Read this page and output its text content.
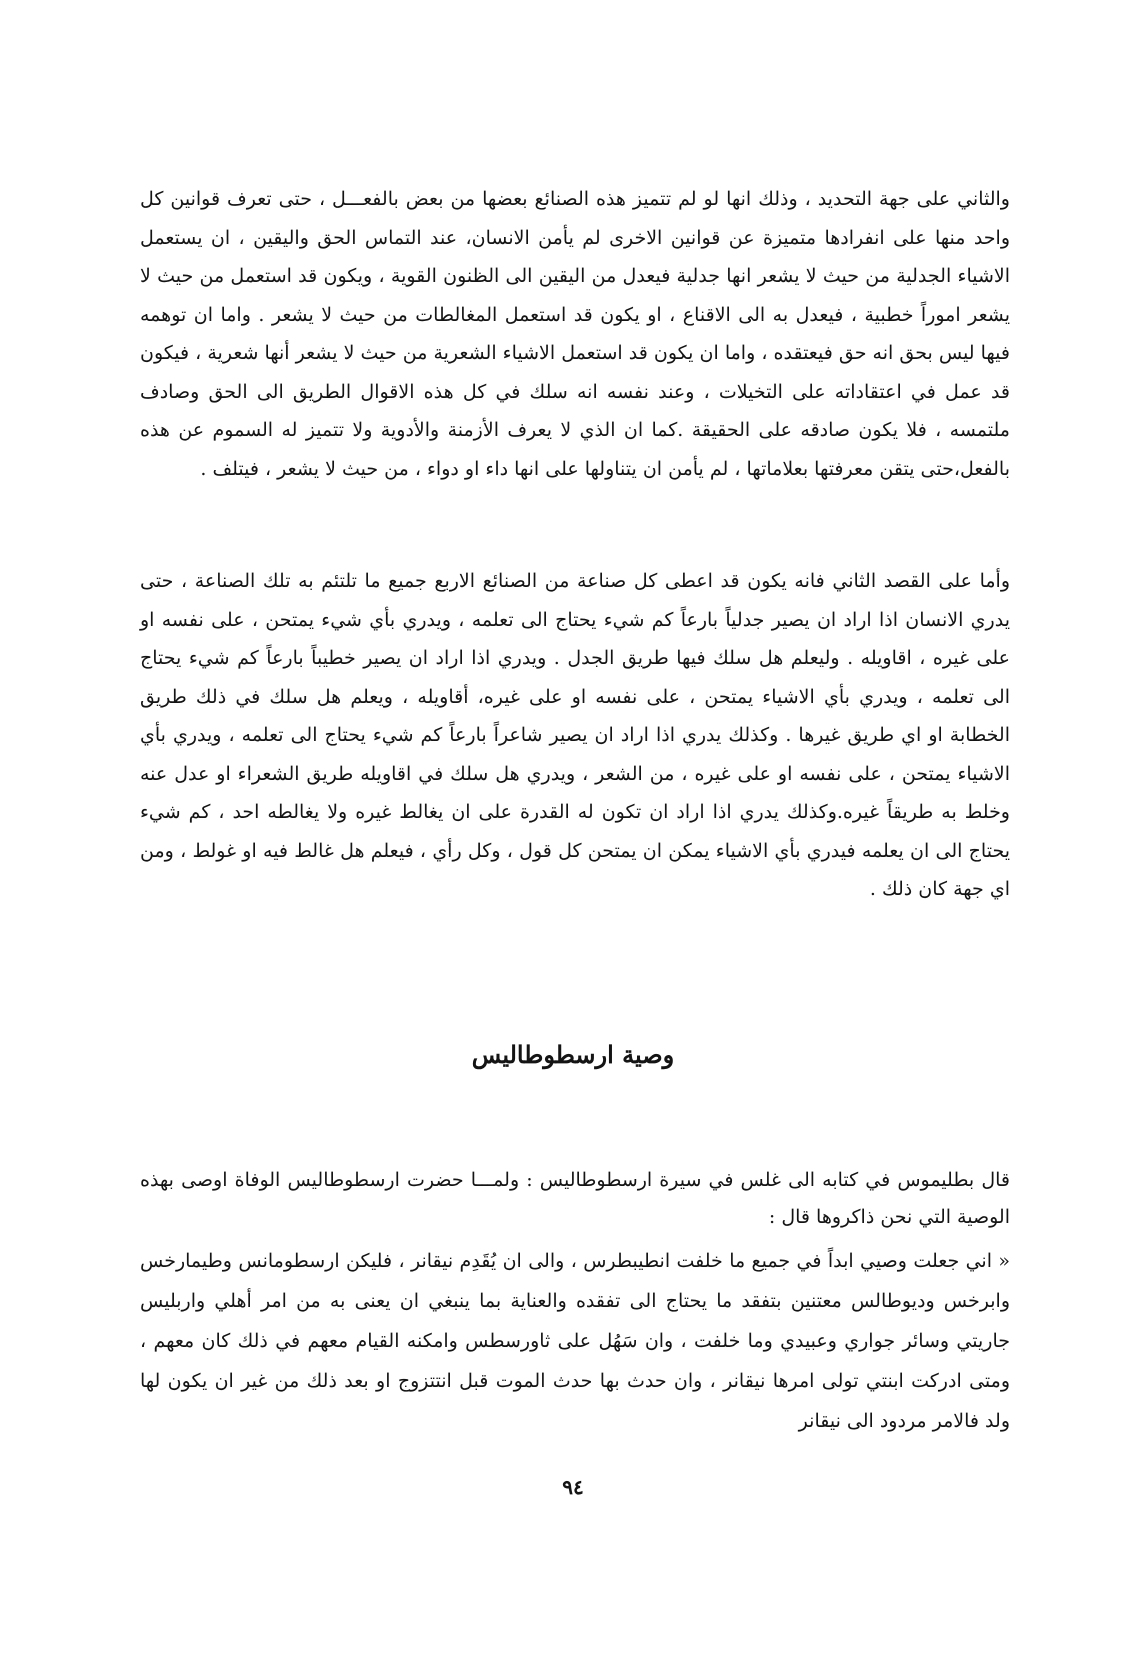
والثاني على جهة التحديد ، وذلك انها لو لم تتميز هذه الصنائع بعضها من بعض بالفعـــل ، حتى تعرف قوانين كل واحد منها على انفرادها متميزة عن قوانين الاخرى لم يأمن الانسان، عند التماس الحق واليقين ، ان يستعمل الاشياء الجدلية من حيث لا يشعر انها جدلية فيعدل من اليقين الى الظنون القوية ، ويكون قد استعمل من حيث لا يشعر اموراً خطبية ، فيعدل به الى الاقناع ، او يكون قد استعمل المغالطات من حيث لا يشعر . واما ان توهمه فيها ليس بحق انه حق فيعتقده ، واما ان يكون قد استعمل الاشياء الشعرية من حيث لا يشعر أنها شعرية ، فيكون قد عمل في اعتقاداته على التخيلات ، وعند نفسه انه سلك في كل هذه الاقوال الطريق الى الحق وصادف ملتمسه ، فلا يكون صادقه على الحقيقة .كما ان الذي لا يعرف الأزمنة والأدوية ولا تتميز له السموم عن هذه بالفعل،حتى يتقن معرفتها بعلاماتها ، لم يأمن ان يتناولها على انها داء او دواء ، من حيث لا يشعر ، فيتلف .

وأما على القصد الثاني فانه يكون قد اعطى كل صناعة من الصنائع الاربع جميع ما تلتئم به تلك الصناعة ، حتى يدري الانسان اذا اراد ان يصير جدلياً بارعاً كم شيء يحتاج الى تعلمه ، ويدري بأي شيء يمتحن ، على نفسه او على غيره ، اقاويله . وليعلم هل سلك فيها طريق الجدل . ويدري اذا اراد ان يصير خطيباً بارعاً كم شيء يحتاج الى تعلمه ، ويدري بأي الاشياء يمتحن ، على نفسه او على غيره، أقاويله ، ويعلم هل سلك في ذلك طريق الخطابة او اي طريق غيرها . وكذلك يدري اذا اراد ان يصير شاعراً بارعاً كم شيء يحتاج الى تعلمه ، ويدري بأي الاشياء يمتحن ، على نفسه او على غيره ، من الشعر ، ويدري هل سلك في اقاويله طريق الشعراء او عدل عنه وخلط به طريقاً غيره.وكذلك يدري اذا اراد ان تكون له القدرة على ان يغالط غيره ولا يغالطه احد ، كم شيء يحتاج الى ان يعلمه فيدري بأي الاشياء يمكن ان يمتحن كل قول ، وكل رأي ، فيعلم هل غالط فيه او غولط ، ومن اي جهة كان ذلك .

وصية ارسطوطاليس

قال بطليموس في كتابه الى غلس في سيرة ارسطوطاليس : ولمـــا حضرت ارسطوطاليس الوفاة اوصى بهذه الوصية التي نحن ذاكروها قال :

« اني جعلت وصيي ابداً في جميع ما خلفت انطيبطرس ، والى ان يُقَدِم نيقانر ، فليكن ارسطومانس وطيمارخس وابرخس وديوطالس معتنين بتفقد ما يحتاج الى تفقده والعناية بما ينبغي ان يعنى به من امر أهلي واربليس جاريتي وسائر جواري وعبيدي وما خلفت ، وان سَهُل على ثاورسطس وامكنه القيام معهم في ذلك كان معهم ، ومتى ادركت ابنتي تولى امرها نيقانر ، وان حدث بها حدث الموت قبل انتتزوج او بعد ذلك من غير ان يكون لها ولد فالامر مردود الى نيقانر

٩٤
